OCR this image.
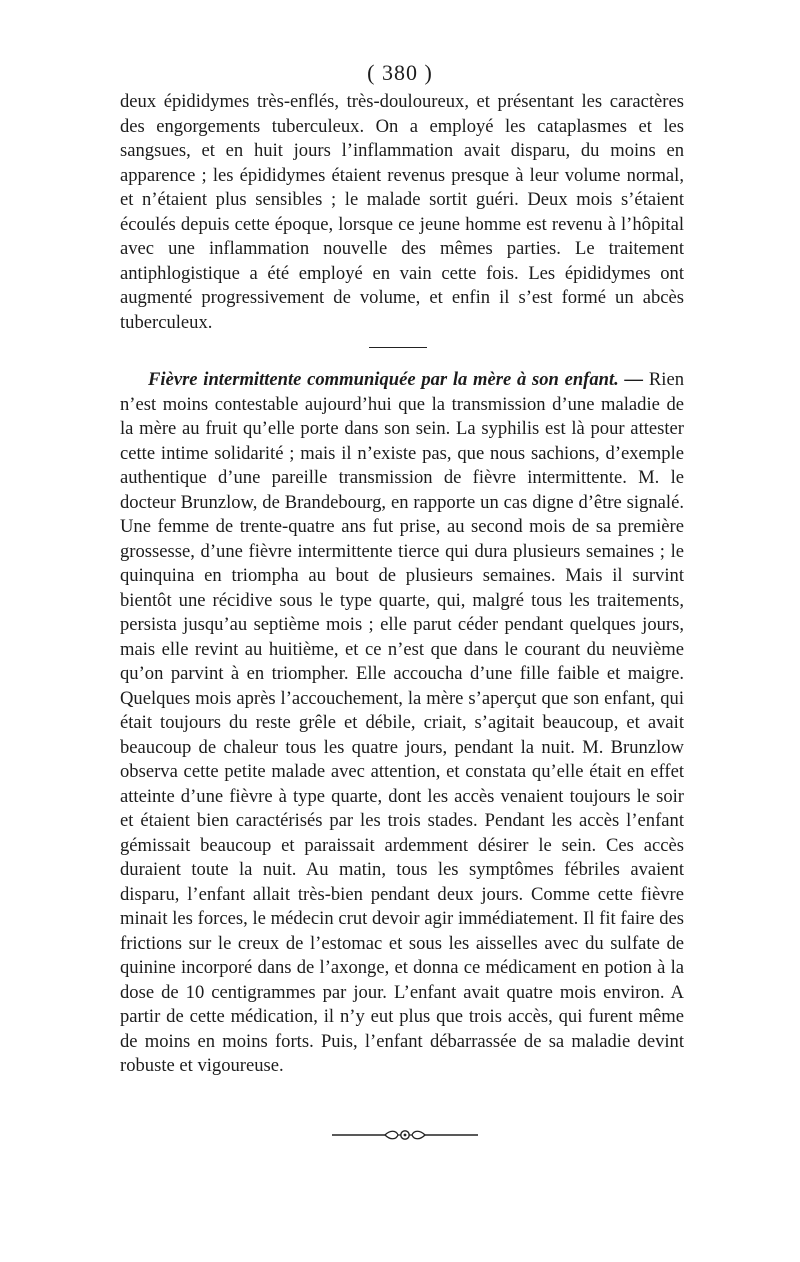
( 380 )

deux épididymes très-enflés, très-douloureux, et présentant les caractères des engorgements tuberculeux. On a employé les cataplasmes et les sangsues, et en huit jours l’inflammation avait disparu, du moins en apparence ; les épididymes étaient revenus presque à leur volume normal, et n’étaient plus sensibles ; le malade sortit guéri. Deux mois s’étaient écoulés depuis cette époque, lorsque ce jeune homme est revenu à l’hôpital avec une inflammation nouvelle des mêmes parties. Le traitement antiphlogistique a été employé en vain cette fois. Les épididymes ont augmenté progressivement de volume, et enfin il s’est formé un abcès tuberculeux.

Fièvre intermittente communiquée par la mère à son enfant. — Rien n’est moins contestable aujourd’hui que la transmission d’une maladie de la mère au fruit qu’elle porte dans son sein. La syphilis est là pour attester cette intime solidarité ; mais il n’existe pas, que nous sachions, d’exemple authentique d’une pareille transmission de fièvre intermittente. M. le docteur Brunzlow, de Brandebourg, en rapporte un cas digne d’être signalé. Une femme de trente-quatre ans fut prise, au second mois de sa première grossesse, d’une fièvre intermittente tierce qui dura plusieurs semaines ; le quinquina en triompha au bout de plusieurs semaines. Mais il survint bientôt une récidive sous le type quarte, qui, malgré tous les traitements, persista jusqu’au septième mois ; elle parut céder pendant quelques jours, mais elle revint au huitième, et ce n’est que dans le courant du neuvième qu’on parvint à en triompher. Elle accoucha d’une fille faible et maigre. Quelques mois après l’accouchement, la mère s’aperçut que son enfant, qui était toujours du reste grêle et débile, criait, s’agitait beaucoup, et avait beaucoup de chaleur tous les quatre jours, pendant la nuit. M. Brunzlow observa cette petite malade avec attention, et constata qu’elle était en effet atteinte d’une fièvre à type quarte, dont les accès venaient toujours le soir et étaient bien caractérisés par les trois stades. Pendant les accès l’enfant gémissait beaucoup et paraissait ardemment désirer le sein. Ces accès duraient toute la nuit. Au matin, tous les symptômes fébriles avaient disparu, l’enfant allait très-bien pendant deux jours. Comme cette fièvre minait les forces, le médecin crut devoir agir immédiatement. Il fit faire des frictions sur le creux de l’estomac et sous les aisselles avec du sulfate de quinine incorporé dans de l’axonge, et donna ce médicament en potion à la dose de 10 centigrammes par jour. L’enfant avait quatre mois environ. A partir de cette médication, il n’y eut plus que trois accès, qui furent même de moins en moins forts. Puis, l’enfant débarrassée de sa maladie devint robuste et vigoureuse.
